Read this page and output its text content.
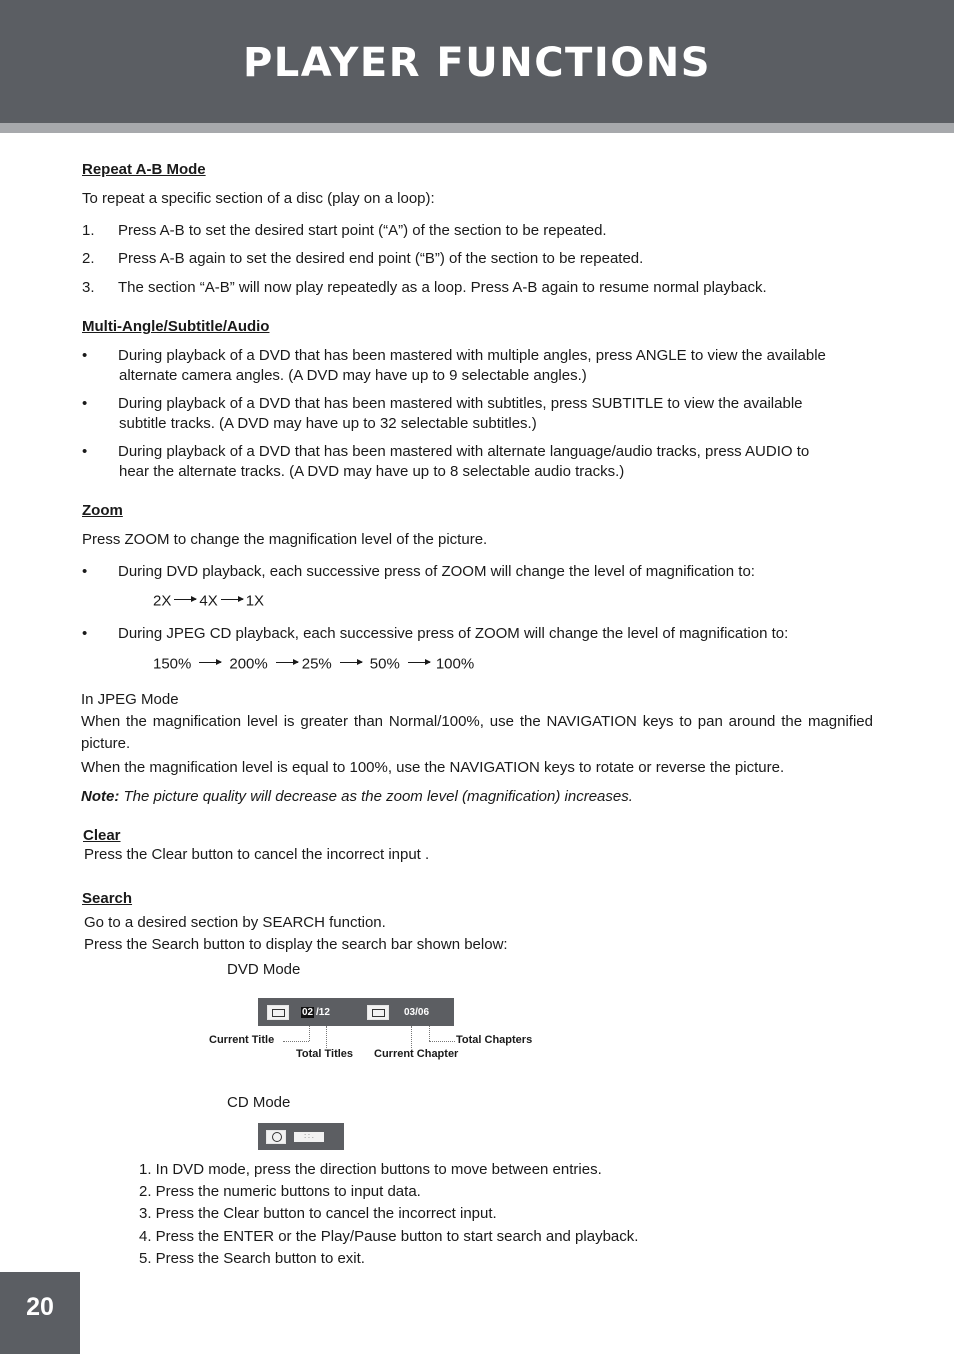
PLAYER FUNCTIONS
Repeat A-B Mode
To repeat a specific section of a disc (play on a loop):
1.	Press A-B to set the desired start point (“A”) of the section to be repeated.
2.	Press A-B again to set the desired end point (“B”) of the section to be repeated.
3.	The section “A-B” will now play repeatedly as a loop. Press A-B again to resume normal playback.
Multi-Angle/Subtitle/Audio
• During playback of a DVD that has been mastered with multiple angles, press ANGLE to view the available
alternate camera angles. (A DVD may have up to 9 selectable angles.)
• During playback of a DVD that has been mastered with subtitles, press SUBTITLE to view the available
subtitle tracks. (A DVD may have up to 32 selectable subtitles.)
• During playback of a DVD that has been mastered with alternate language/audio tracks, press AUDIO to
hear the alternate tracks. (A DVD may have up to 8 selectable audio tracks.)
Zoom
Press ZOOM to change the magnification level of the picture.
• During DVD playback, each successive press of ZOOM will change the level of magnification to:
2X 4X 1X
• During JPEG CD playback, each successive press of ZOOM will change the level of magnification to:
150%	200% 25%	50% 100%
In JPEG Mode
When the magnification level is greater than Normal/100%, use the NAVIGATION keys to pan around the magnified picture.
When the magnification level is equal to 100%, use the NAVIGATION keys to rotate or reverse the picture.
Note: The picture quality will decrease as the zoom level (magnification) increases.
Clear
Press the Clear button to cancel the incorrect input .
Search
Go to a desired section by SEARCH function.
Press the Search button to display the search bar shown below:
DVD Mode
02 /12	03/06
Current Title
Total Titles Current Chapter
Total Chapters
CD Mode
: : .
1. In DVD mode, press the direction buttons to move between entries.
2. Press the numeric buttons to input data.
3. Press the Clear button to cancel the incorrect input.
4. Press the ENTER or the Play/Pause button to start search and playback.
5. Press the Search button to exit.
20
